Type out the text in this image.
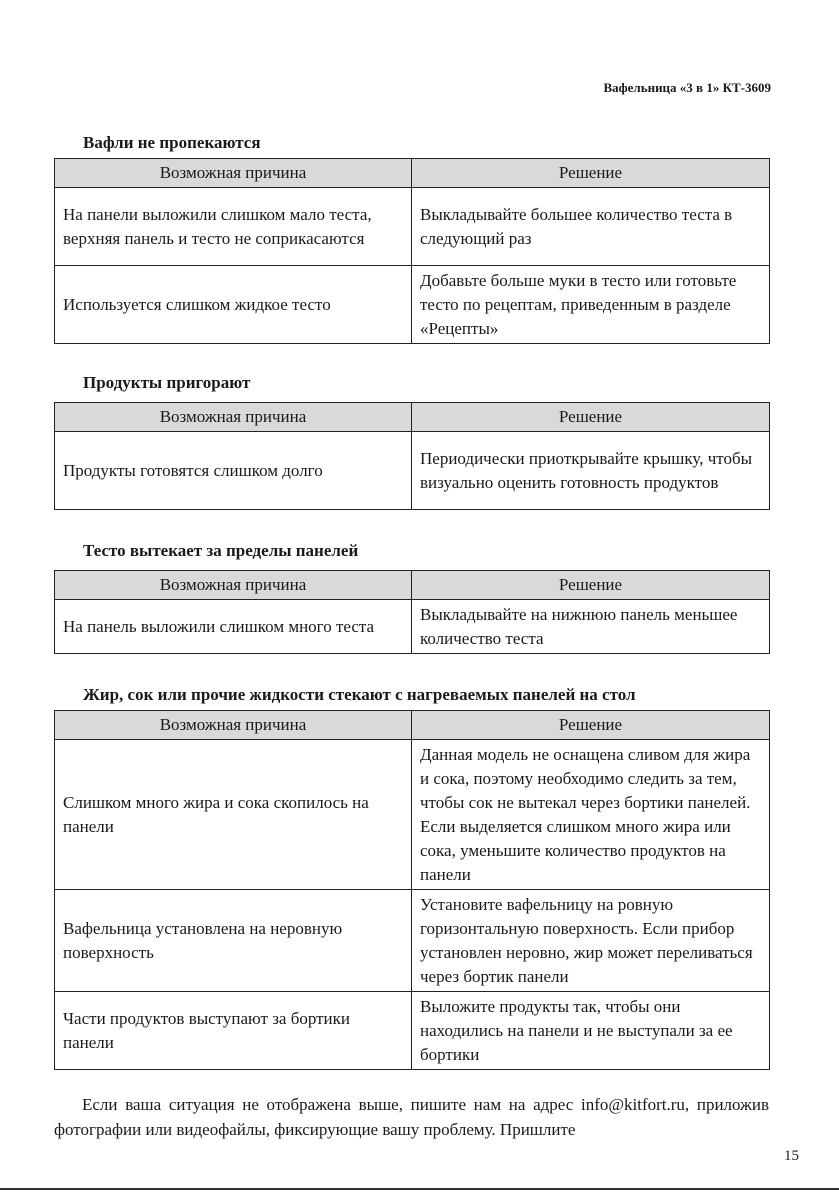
Вафельница «3 в 1» КТ-3609
Вафли не пропекаются
Возможная причина	Решение
На панели выложили слишком мало теста, верхняя панель и тесто не соприкасаются	Выкладывайте большее количество теста в следующий раз
Используется слишком жидкое тесто	Добавьте больше муки в тесто или готовьте тесто по рецептам, приведенным в разделе «Рецепты»
Продукты пригорают
Возможная причина	Решение
Продукты готовятся слишком долго	Периодически приоткрывайте крышку, чтобы визуально оценить готовность продуктов
Тесто вытекает за пределы панелей
Возможная причина	Решение
На панель выложили слишком много теста	Выкладывайте на нижнюю панель меньшее количество теста
Жир, сок или прочие жидкости стекают с нагреваемых панелей на стол
Возможная причина	Решение
Слишком много жира и сока скопилось на панели	Данная модель не оснащена сливом для жира и сока, поэтому необходимо следить за тем, чтобы сок не вытекал через бортики панелей. Если выделяется слишком много жира или сока, уменьшите количество продуктов на панели
Вафельница установлена на неровную поверхность	Установите вафельницу на ровную горизонтальную поверхность. Если прибор установлен неровно, жир может переливаться через бортик панели
Части продуктов выступают за бортики панели	Выложите продукты так, чтобы они находились на панели и не выступали за ее бортики
Если ваша ситуация не отображена выше, пишите нам на адрес info@kitfort.ru, приложив фотографии или видеофайлы, фиксирующие вашу проблему. Пришлите
15
